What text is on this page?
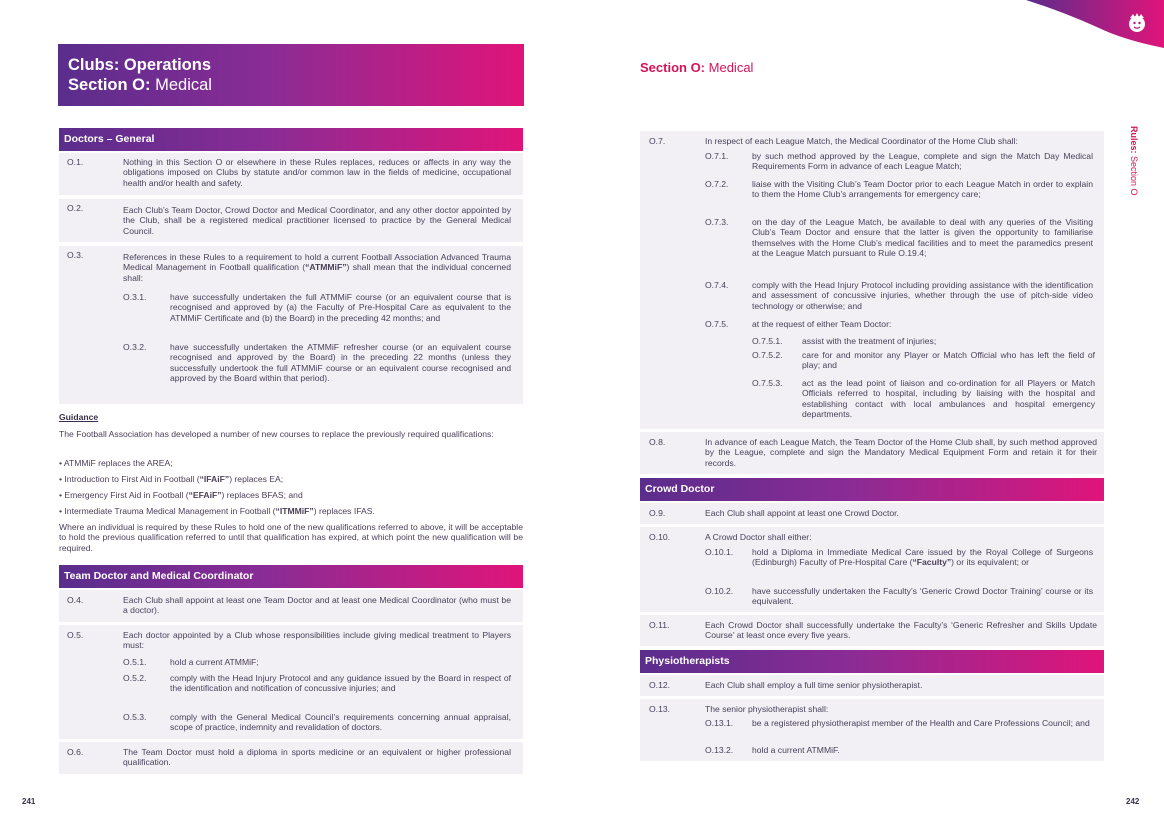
Clubs: Operations
Section O: Medical
Doctors – General
O.1.	Nothing in this Section O or elsewhere in these Rules replaces, reduces or affects in any way the obligations imposed on Clubs by statute and/or common law in the fields of medicine, occupational health and/or health and safety.
O.2.	Each Club’s Team Doctor, Crowd Doctor and Medical Coordinator, and any other doctor appointed by the Club, shall be a registered medical practitioner licensed to practice by the General Medical Council.
O.3.	References in these Rules to a requirement to hold a current Football Association Advanced Trauma Medical Management in Football qualification (“ATMMiF”) shall mean that the individual concerned shall:
O.3.1.	have successfully undertaken the full ATMMiF course (or an equivalent course that is recognised and approved by (a) the Faculty of Pre-Hospital Care as equivalent to the ATMMiF Certificate and (b) the Board) in the preceding 42 months; and
O.3.2.	have successfully undertaken the ATMMiF refresher course (or an equivalent course recognised and approved by the Board) in the preceding 22 months (unless they successfully undertook the full ATMMiF course or an equivalent course recognised and approved by the Board within that period).
Guidance
The Football Association has developed a number of new courses to replace the previously required qualifications:
• ATMMiF replaces the AREA;
• Introduction to First Aid in Football (“IFAiF”) replaces EA;
• Emergency First Aid in Football (“EFAiF”) replaces BFAS; and
• Intermediate Trauma Medical Management in Football (“ITMMiF”) replaces IFAS.
Where an individual is required by these Rules to hold one of the new qualifications referred to above, it will be acceptable to hold the previous qualification referred to until that qualification has expired, at which point the new qualification will be required.
Team Doctor and Medical Coordinator
O.4.	Each Club shall appoint at least one Team Doctor and at least one Medical Coordinator (who must be a doctor).
O.5.	Each doctor appointed by a Club whose responsibilities include giving medical treatment to Players must:
O.5.1.	hold a current ATMMiF;
O.5.2.	comply with the Head Injury Protocol and any guidance issued by the Board in respect of the identification and notification of concussive injuries; and
O.5.3.	comply with the General Medical Council’s requirements concerning annual appraisal, scope of practice, indemnity and revalidation of doctors.
O.6.	The Team Doctor must hold a diploma in sports medicine or an equivalent or higher professional qualification.
241
Section O: Medical
Rules: Section O
O.7.	In respect of each League Match, the Medical Coordinator of the Home Club shall:
O.7.1.	by such method approved by the League, complete and sign the Match Day Medical Requirements Form in advance of each League Match;
O.7.2.	liaise with the Visiting Club’s Team Doctor prior to each League Match in order to explain to them the Home Club’s arrangements for emergency care;
O.7.3.	on the day of the League Match, be available to deal with any queries of the Visiting Club’s Team Doctor and ensure that the latter is given the opportunity to familiarise themselves with the Home Club’s medical facilities and to meet the paramedics present at the League Match pursuant to Rule O.19.4;
O.7.4.	comply with the Head Injury Protocol including providing assistance with the identification and assessment of concussive injuries, whether through the use of pitch-side video technology or otherwise; and
O.7.5.	at the request of either Team Doctor:
O.7.5.1. assist with the treatment of injuries;
O.7.5.2. care for and monitor any Player or Match Official who has left the field of play; and
O.7.5.3. act as the lead point of liaison and co-ordination for all Players or Match Officials referred to hospital, including by liaising with the hospital and establishing contact with local ambulances and hospital emergency departments.
O.8.	In advance of each League Match, the Team Doctor of the Home Club shall, by such method approved by the League, complete and sign the Mandatory Medical Equipment Form and retain it for their records.
Crowd Doctor
O.9.	Each Club shall appoint at least one Crowd Doctor.
O.10.	A Crowd Doctor shall either:
O.10.1. hold a Diploma in Immediate Medical Care issued by the Royal College of Surgeons (Edinburgh) Faculty of Pre-Hospital Care (“Faculty”) or its equivalent; or
O.10.2. have successfully undertaken the Faculty’s ‘Generic Crowd Doctor Training’ course or its equivalent.
O.11.	Each Crowd Doctor shall successfully undertake the Faculty’s ‘Generic Refresher and Skills Update Course’ at least once every five years.
Physiotherapists
O.12.	Each Club shall employ a full time senior physiotherapist.
O.13.	The senior physiotherapist shall:
O.13.1. be a registered physiotherapist member of the Health and Care Professions Council; and
O.13.2. hold a current ATMMiF.
242
